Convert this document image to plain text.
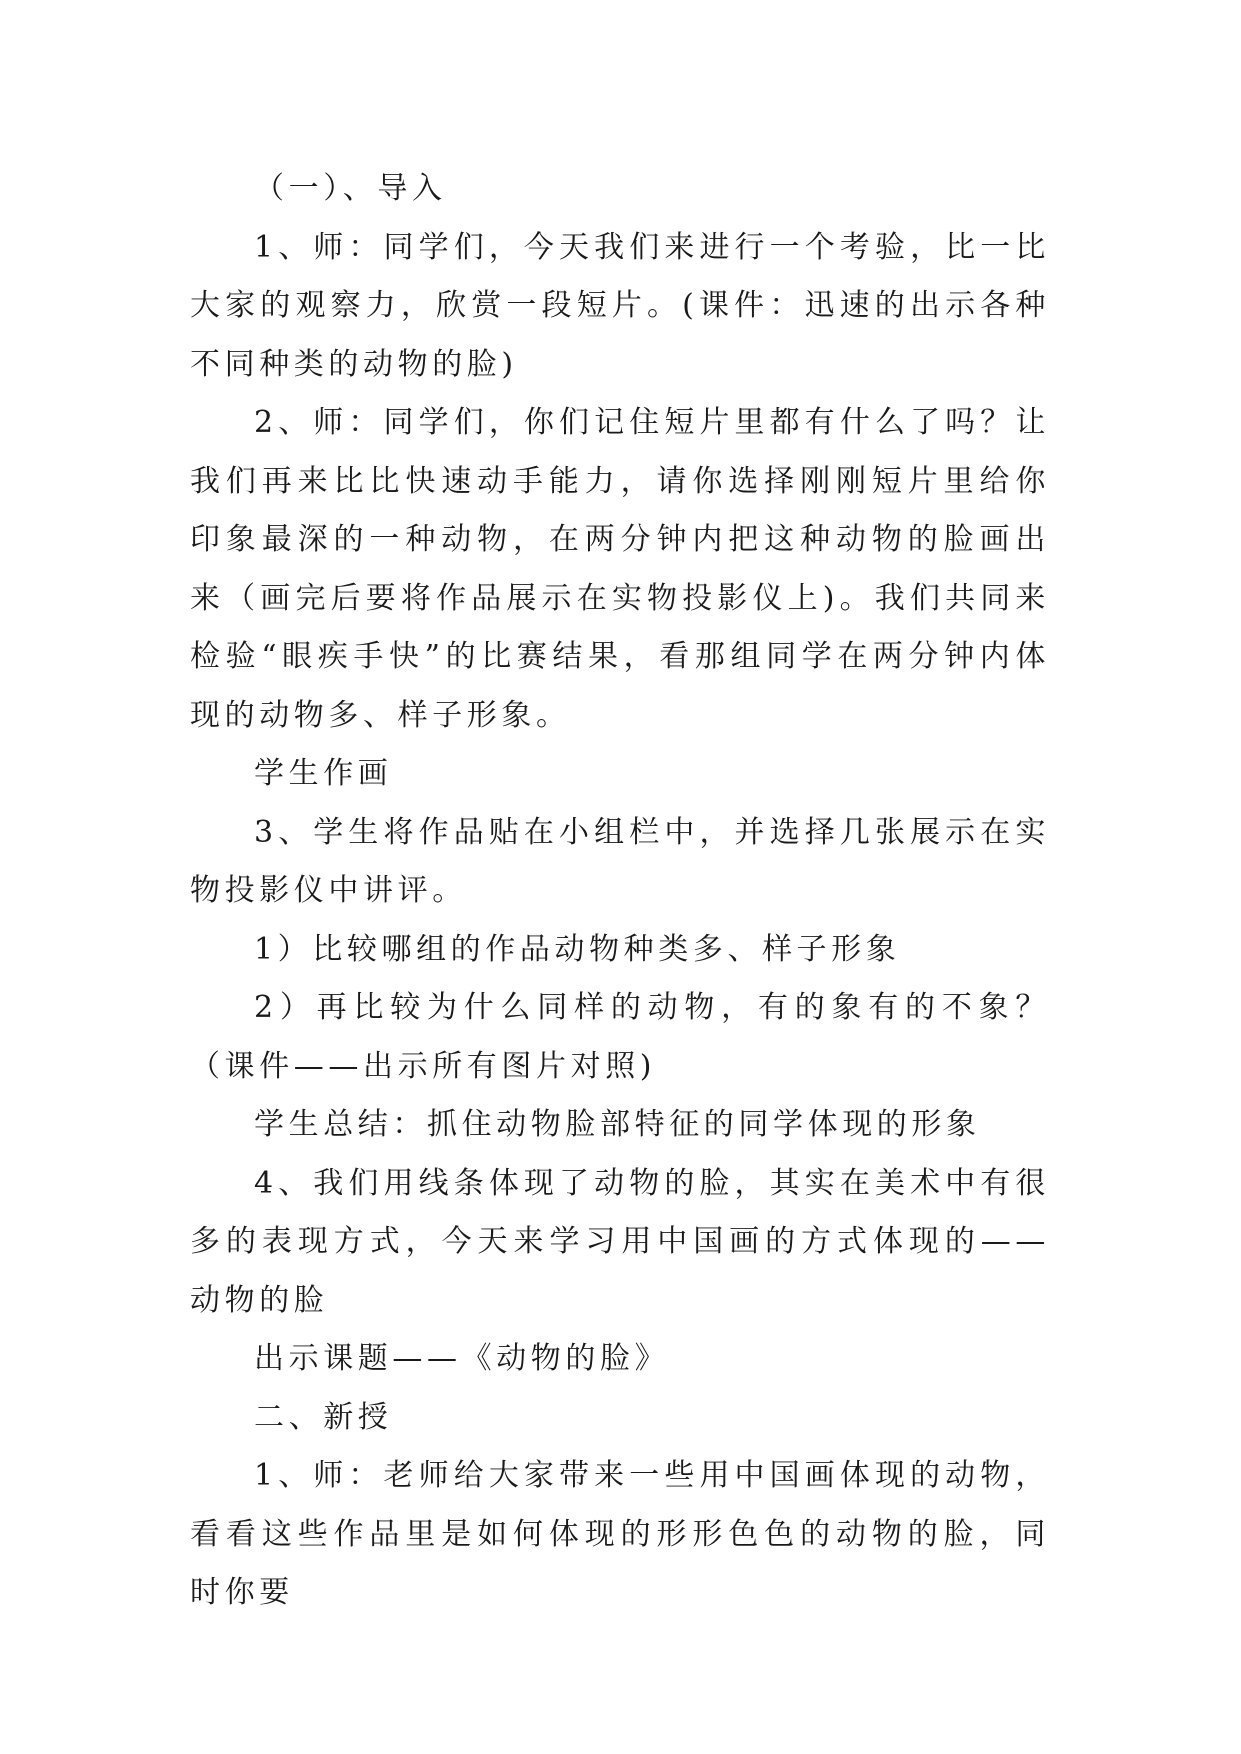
（一）、导入

1、师：同学们，今天我们来进行一个考验，比一比大家的观察力，欣赏一段短片。(课件：迅速的出示各种不同种类的动物的脸)

2、师：同学们，你们记住短片里都有什么了吗？让我们再来比比快速动手能力，请你选择刚刚短片里给你印象最深的一种动物，在两分钟内把这种动物的脸画出来（画完后要将作品展示在实物投影仪上)。我们共同来检验“眼疾手快”的比赛结果，看那组同学在两分钟内体现的动物多、样子形象。

学生作画

3、学生将作品贴在小组栏中，并选择几张展示在实物投影仪中讲评。

1）比较哪组的作品动物种类多、样子形象

2）再比较为什么同样的动物，有的象有的不象？（课件——出示所有图片对照)

学生总结：抓住动物脸部特征的同学体现的形象

4、我们用线条体现了动物的脸，其实在美术中有很多的表现方式，今天来学习用中国画的方式体现的——动物的脸

出示课题——《动物的脸》

二、新授

1、师：老师给大家带来一些用中国画体现的动物，看看这些作品里是如何体现的形形色色的动物的脸，同时你要
